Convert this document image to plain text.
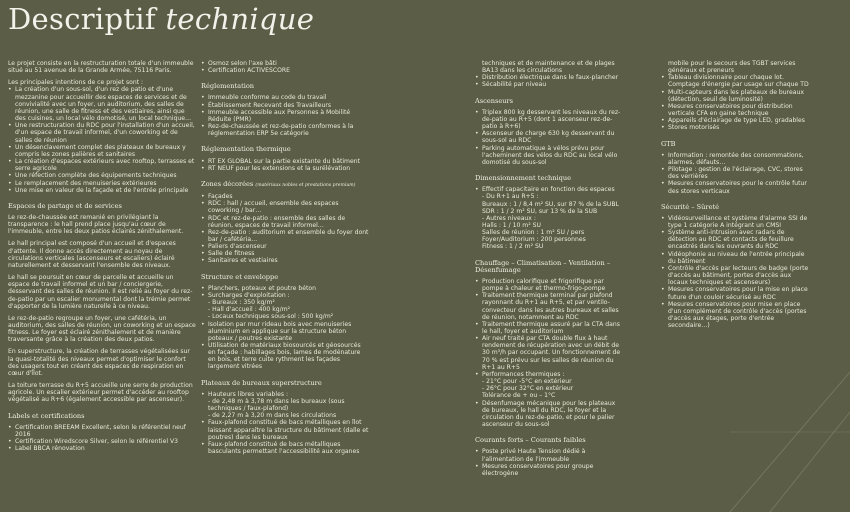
Descriptif technique

Le projet consiste en la restructuration totale d'un immeuble situé au 51 avenue de la Grande Armée, 75116 Paris.

Les principales intentions de ce projet sont :
• La création d'un sous-sol, d'un rez de patio et d'une mezzanine pour accueillir des espaces de services et de convivialité avec un foyer, un auditorium, des salles de réunion, une salle de fitness et des vestiaires, ainsi que des cuisines, un local vélo domotisé, un local technique…
• Une restructuration du RDC pour l'installation d'un accueil, d'un espace de travail informel, d'un coworking et de salles de réunion
• Un désenclavement complet des plateaux de bureaux y compris les zones palières et sanitaires
• La création d'espaces extérieurs avec rooftop, terrasses et serre agricole
• Une réfection complète des équipements techniques
• Le remplacement des menuiseries extérieures
• Une mise en valeur de la façade et de l'entrée principale
Espaces de partage et de services

Le rez-de-chaussée est remanié en privilégiant la transparence : le hall prend place jusqu'au cœur de l'immeuble, entre les deux patios éclairés zénithalement.

Le hall principal est composé d'un accueil et d'espaces d'attente. Il donne accès directement au noyau de circulations verticales (ascenseurs et escaliers) éclairé naturellement et desservant l'ensemble des niveaux.

Le hall se poursuit en cœur de parcelle et accueille un espace de travail informel et un bar / conciergerie, desservant des salles de réunion. Il est relié au foyer du rez-de-patio par un escalier monumental dont la trémie permet d'apporter de la lumière naturelle à ce niveau.

Le rez-de-patio regroupe un foyer, une cafétéria, un auditorium, des salles de réunion, un coworking et un espace fitness. Le foyer est éclairé zénithalement et de manière traversante grâce à la création des deux patios.

En superstructure, la création de terrasses végétalisées sur la quasi-totalité des niveaux permet d'optimiser le confort des usagers tout en créant des espaces de respiration en cœur d'îlot.

La toiture terrasse du R+5 accueille une serre de production agricole. Un escalier extérieur permet d'accéder au rooftop végétalisé au R+6 (également accessible par ascenseur).

Labels et certifications
• Certification BREEAM Excellent, selon le référentiel neuf 2016
• Certification Wiredscore Silver, selon le référentiel V3
• Label BBCA rénovation
• Osmoz selon l'axe bâti
• Certification ACTIVESCORE
Réglementation
• Immeuble conforme au code du travail
• Établissement Recevant des Travailleurs
• Immeuble accessible aux Personnes à Mobilité Réduite (PMR)
• Rez-de-chaussée et rez-de-patio conformes à la réglementation ERP 5e catégorie
Réglementation thermique
• RT EX GLOBAL sur la partie existante du bâtiment
• RT NEUF pour les extensions et la surélévation
Zones décorées (matériaux nobles et prestations premium)
• Façades
• RDC : hall / accueil, ensemble des espaces coworking / bar…
• RDC et rez-de-patio : ensemble des salles de réunion, espaces de travail informel…
• Rez-de-patio : auditorium et ensemble du foyer dont bar / cafétéria…
• Paliers d'ascenseur
• Salle de fitness
• Sanitaires et vestiaires
Structure et enveloppe
• Planchers, poteaux et poutre béton
• Surcharges d'exploitation :
- Bureaux : 350 kg/m²
- Hall d'accueil : 400 kg/m²
- Locaux techniques sous-sol : 500 kg/m²
• Isolation par mur rideau bois avec menuiseries aluminium en applique sur la structure béton poteaux / poutres existante
• Utilisation de matériaux biosourcés et géosourcés en façade : habillages bois, lames de modénature en bois, et terre cuite rythment les façades largement vitrées
Plateaux de bureaux superstructure
• Hauteurs libres variables :
- de 2,48 m à 3,78 m dans les bureaux (sous techniques / faux-plafond)
- de 2,27 m à 3,20 m dans les circulations
• Faux-plafond constitué de bacs métalliques en îlot laissant apparaître la structure du bâtiment (dalle et poutres) dans les bureaux
• Faux-plafond constitué de bacs métalliques basculants permettant l'accessibilité aux organes
techniques et de maintenance et de plages BA13 dans les circulations
• Distribution électrique dans le faux-plancher
• Sécabilité par niveau
Ascenseurs
• Triplex 800 kg desservant les niveaux du rez-de-patio au R+5 (dont 1 ascenseur rez-de-patio à R+6)
• Ascenseur de charge 630 kg desservant du sous-sol au RDC
• Parking automatique à vélos prévu pour l'acheminent des vélos du RDC au local vélo domotisé du sous-sol
Dimensionnement technique
• Effectif capacitaire en fonction des espaces
- Du R+1 au R+5 :
Bureaux : 1 / 8,4 m² SU, sur 87 % de la SUBL
SDR : 1 / 2 m² SU, sur 13 % de la SUB
- Autres niveaux :
Halls : 1 / 10 m² SU
Salles de réunion : 1 m² SU / pers
Foyer/Auditorium : 200 personnes
Fitness : 1 / 2 m² SU
Chauffage – Climatisation – Ventilation – Désenfumage
• Production calorifique et frigorifique par pompe à chaleur et thermo-frigo-pompe
• Traitement thermique terminal par plafond rayonnant du R+1 au R+5, et par ventilo-convecteur dans les autres bureaux et salles de réunion, notamment au RDC
• Traitement thermique assuré par la CTA dans le hall, foyer et auditorium
• Air neuf traité par CTA double flux à haut rendement de récupération avec un débit de 30 m³/h par occupant. Un fonctionnement de 70 % est prévu sur les salles de réunion du R+1 au R+5
• Performances thermiques :
- 21°C pour -5°C en extérieur
- 26°C pour 32°C en extérieur
Tolérance de + ou – 1°C
• Désenfumage mécanique pour les plateaux de bureaux, le hall du RDC, le foyer et la circulation du rez-de-patio, et pour le palier ascenseur du sous-sol
Courants forts – Courants faibles
• Poste privé Haute Tension dédié à l'alimentation de l'immeuble
• Mesures conservatoires pour groupe électrogène
mobile pour le secours des TGBT services généraux et preneurs
• Tableau divisionnaire pour chaque lot. Comptage d'énergie par usage sur chaque TD
• Multi-capteurs dans les plateaux de bureaux (détection, seuil de luminosité)
• Mesures conservatoires pour distribution verticale CFA en gaine technique
• Appareils d'éclairage de type LED, gradables
• Stores motorisés
GTB
• Information : remontée des consommations, alarmes, défauts…
• Pilotage : gestion de l'éclairage, CVC, stores des verrières
• Mesures conservatoires pour le contrôle futur des stores verticaux
Sécurité – Sûreté
• Vidéosurveillance et système d'alarme SSI de type 1 catégorie A intégrant un CMSI
• Système anti-intrusion avec radars de détection au RDC et contacts de feuillure encastrés dans les ouvrants du RDC
• Vidéophonie au niveau de l'entrée principale du bâtiment
• Contrôle d'accès par lecteurs de badge (porte d'accès au bâtiment, portes d'accès aux locaux techniques et ascenseurs)
• Mesures conservatoires pour la mise en place future d'un couloir sécurisé au RDC
• Mesures conservatoires pour mise en place d'un complément de contrôle d'accès (portes d'accès aux étages, porte d'entrée secondaire…)
